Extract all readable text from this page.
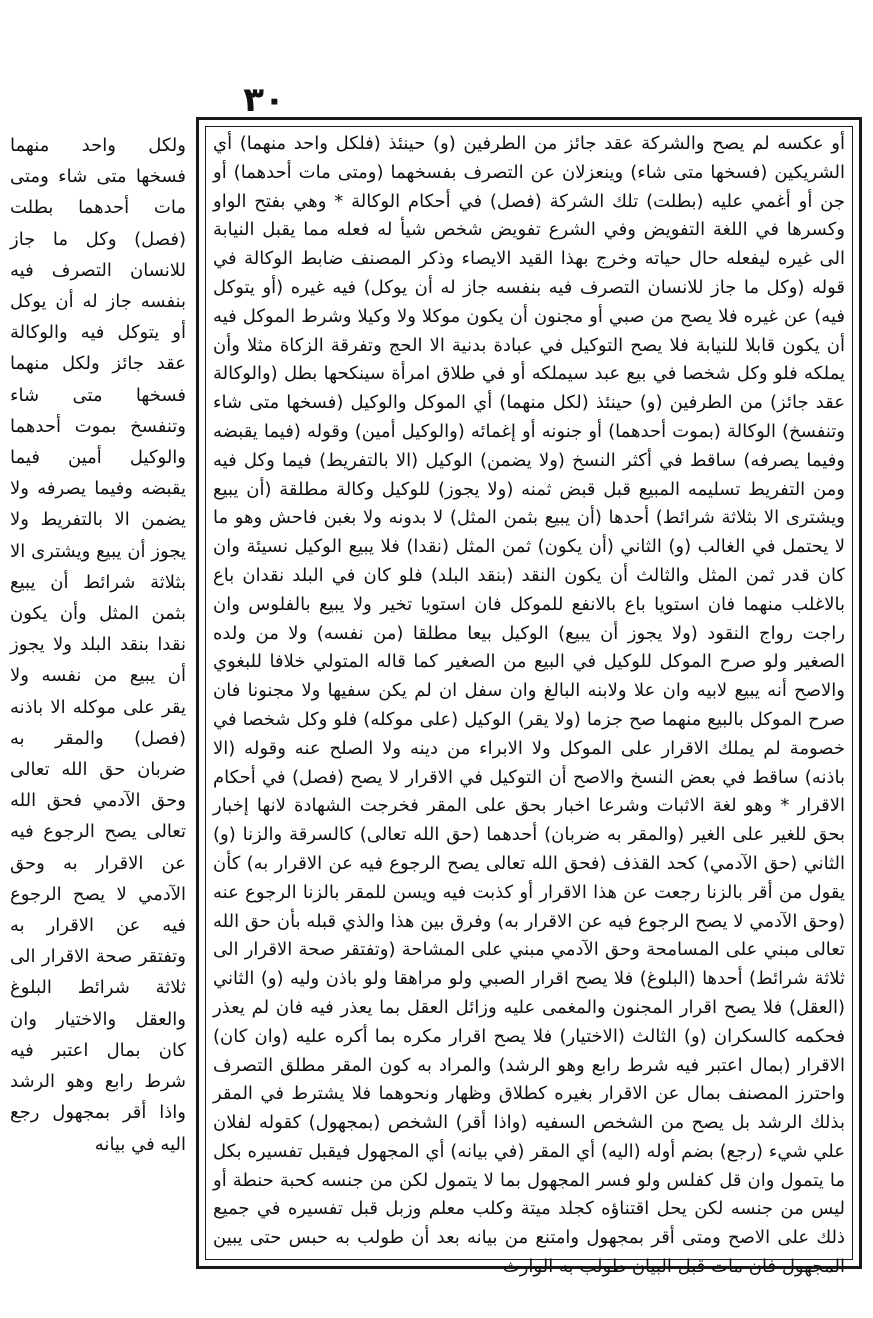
٣٠
أو عكسه لم يصح والشركة عقد جائز من الطرفين (و) حينئذ (فلكل واحد منهما) أي الشريكين (فسخها متى شاء) وينعزلان عن التصرف بفسخهما (ومتى مات أحدهما) أو جن أو أغمي عليه (بطلت) تلك الشركة (فصل) في أحكام الوكالة * وهي بفتح الواو وكسرها في اللغة التفويض وفي الشرع تفويض شخص شيأ له فعله مما يقبل النيابة الى غيره ليفعله حال حياته وخرج بهذا القيد الايصاء وذكر المصنف ضابط الوكالة في قوله (وكل ما جاز للانسان التصرف فيه بنفسه جاز له أن يوكل) فيه غيره (أو يتوكل فيه) عن غيره فلا يصح من صبي أو مجنون أن يكون موكلا ولا وكيلا وشرط الموكل فيه أن يكون قابلا للنيابة فلا يصح التوكيل في عبادة بدنية الا الحج وتفرقة الزكاة مثلا وأن يملكه فلو وكل شخصا في بيع عبد سيملكه أو في طلاق امرأة سينكحها بطل (والوكالة عقد جائز) من الطرفين (و) حينئذ (لكل منهما) أي الموكل والوكيل (فسخها متى شاء وتنفسخ) الوكالة (بموت أحدهما) أو جنونه أو إغمائه (والوكيل أمين) وقوله (فيما يقبضه وفيما يصرفه) ساقط في أكثر النسخ (ولا يضمن) الوكيل (الا بالتفريط) فيما وكل فيه ومن التفريط تسليمه المبيع قبل قبض ثمنه (ولا يجوز) للوكيل وكالة مطلقة (أن يبيع ويشترى الا بثلاثة شرائط) أحدها (أن يبيع بثمن المثل) لا بدونه ولا بغبن فاحش وهو ما لا يحتمل في الغالب (و) الثاني (أن يكون) ثمن المثل (نقدا) فلا يبيع الوكيل نسيئة وان كان قدر ثمن المثل والثالث أن يكون النقد (بنقد البلد) فلو كان في البلد نقدان باع بالاغلب منهما فان استويا باع بالانفع للموكل فان استويا تخير ولا يبيع بالفلوس وان راجت رواج النقود (ولا يجوز أن يبيع) الوكيل بيعا مطلقا (من نفسه) ولا من ولده الصغير ولو صرح الموكل للوكيل في البيع من الصغير كما قاله المتولي خلافا للبغوي والاصح أنه يبيع لابيه وان علا ولابنه البالغ وان سفل ان لم يكن سفيها ولا مجنونا فان صرح الموكل بالبيع منهما صح جزما (ولا يقر) الوكيل (على موكله) فلو وكل شخصا في خصومة لم يملك الاقرار على الموكل ولا الابراء من دينه ولا الصلح عنه وقوله (الا باذنه) ساقط في بعض النسخ والاصح أن التوكيل في الاقرار لا يصح (فصل) في أحكام الاقرار * وهو لغة الاثبات وشرعا اخبار بحق على المقر فخرجت الشهادة لانها إخبار بحق للغير على الغير (والمقر به ضربان) أحدهما (حق الله تعالى) كالسرقة والزنا (و) الثاني (حق الآدمي) كحد القذف (فحق الله تعالى يصح الرجوع فيه عن الاقرار به) كأن يقول من أقر بالزنا رجعت عن هذا الاقرار أو كذبت فيه ويسن للمقر بالزنا الرجوع عنه (وحق الآدمي لا يصح الرجوع فيه عن الاقرار به) وفرق بين هذا والذي قبله بأن حق الله تعالى مبني على المسامحة وحق الآدمي مبني على المشاحة (وتفتقر صحة الاقرار الى ثلاثة شرائط) أحدها (البلوغ) فلا يصح اقرار الصبي ولو مراهقا ولو باذن وليه (و) الثاني (العقل) فلا يصح اقرار المجنون والمغمى عليه وزائل العقل بما يعذر فيه فان لم يعذر فحكمه كالسكران (و) الثالث (الاختيار) فلا يصح اقرار مكره بما أكره عليه (وان كان) الاقرار (بمال اعتبر فيه شرط رابع وهو الرشد) والمراد به كون المقر مطلق التصرف واحترز المصنف بمال عن الاقرار بغيره كطلاق وظهار ونحوهما فلا يشترط في المقر بذلك الرشد بل يصح من الشخص السفيه (واذا أقر) الشخص (بمجهول) كقوله لفلان علي شيء (رجع) بضم أوله (اليه) أي المقر (في بيانه) أي المجهول فيقبل تفسيره بكل ما يتمول وان قل كفلس ولو فسر المجهول بما لا يتمول لكن من جنسه كحبة حنطة أو ليس من جنسه لكن يحل اقتناؤه كجلد ميتة وكلب معلم وزبل قبل تفسيره في جميع ذلك على الاصح ومتى أقر بمجهول وامتنع من بيانه بعد أن طولب به حبس حتى يبين المجهول فان مات قبل البيان طولب به الوارث
ولكل واحد منهما فسخها متى شاء ومتى مات أحدهما بطلت (فصل) وكل ما جاز للانسان التصرف فيه بنفسه جاز له أن يوكل أو يتوكل فيه والوكالة عقد جائز ولكل منهما فسخها متى شاء وتنفسخ بموت أحدهما والوكيل أمين فيما يقبضه وفيما يصرفه ولا يضمن الا بالتفريط ولا يجوز أن يبيع ويشترى الا بثلاثة شرائط أن يبيع بثمن المثل وأن يكون نقدا بنقد البلد ولا يجوز أن يبيع من نفسه ولا يقر على موكله الا باذنه (فصل) والمقر به ضربان حق الله تعالى وحق الآدمي فحق الله تعالى يصح الرجوع فيه عن الاقرار به وحق الآدمي لا يصح الرجوع فيه عن الاقرار به وتفتقر صحة الاقرار الى ثلاثة شرائط البلوغ والعقل والاختيار وان كان بمال اعتبر فيه شرط رابع وهو الرشد واذا أقر بمجهول رجع اليه في بيانه
